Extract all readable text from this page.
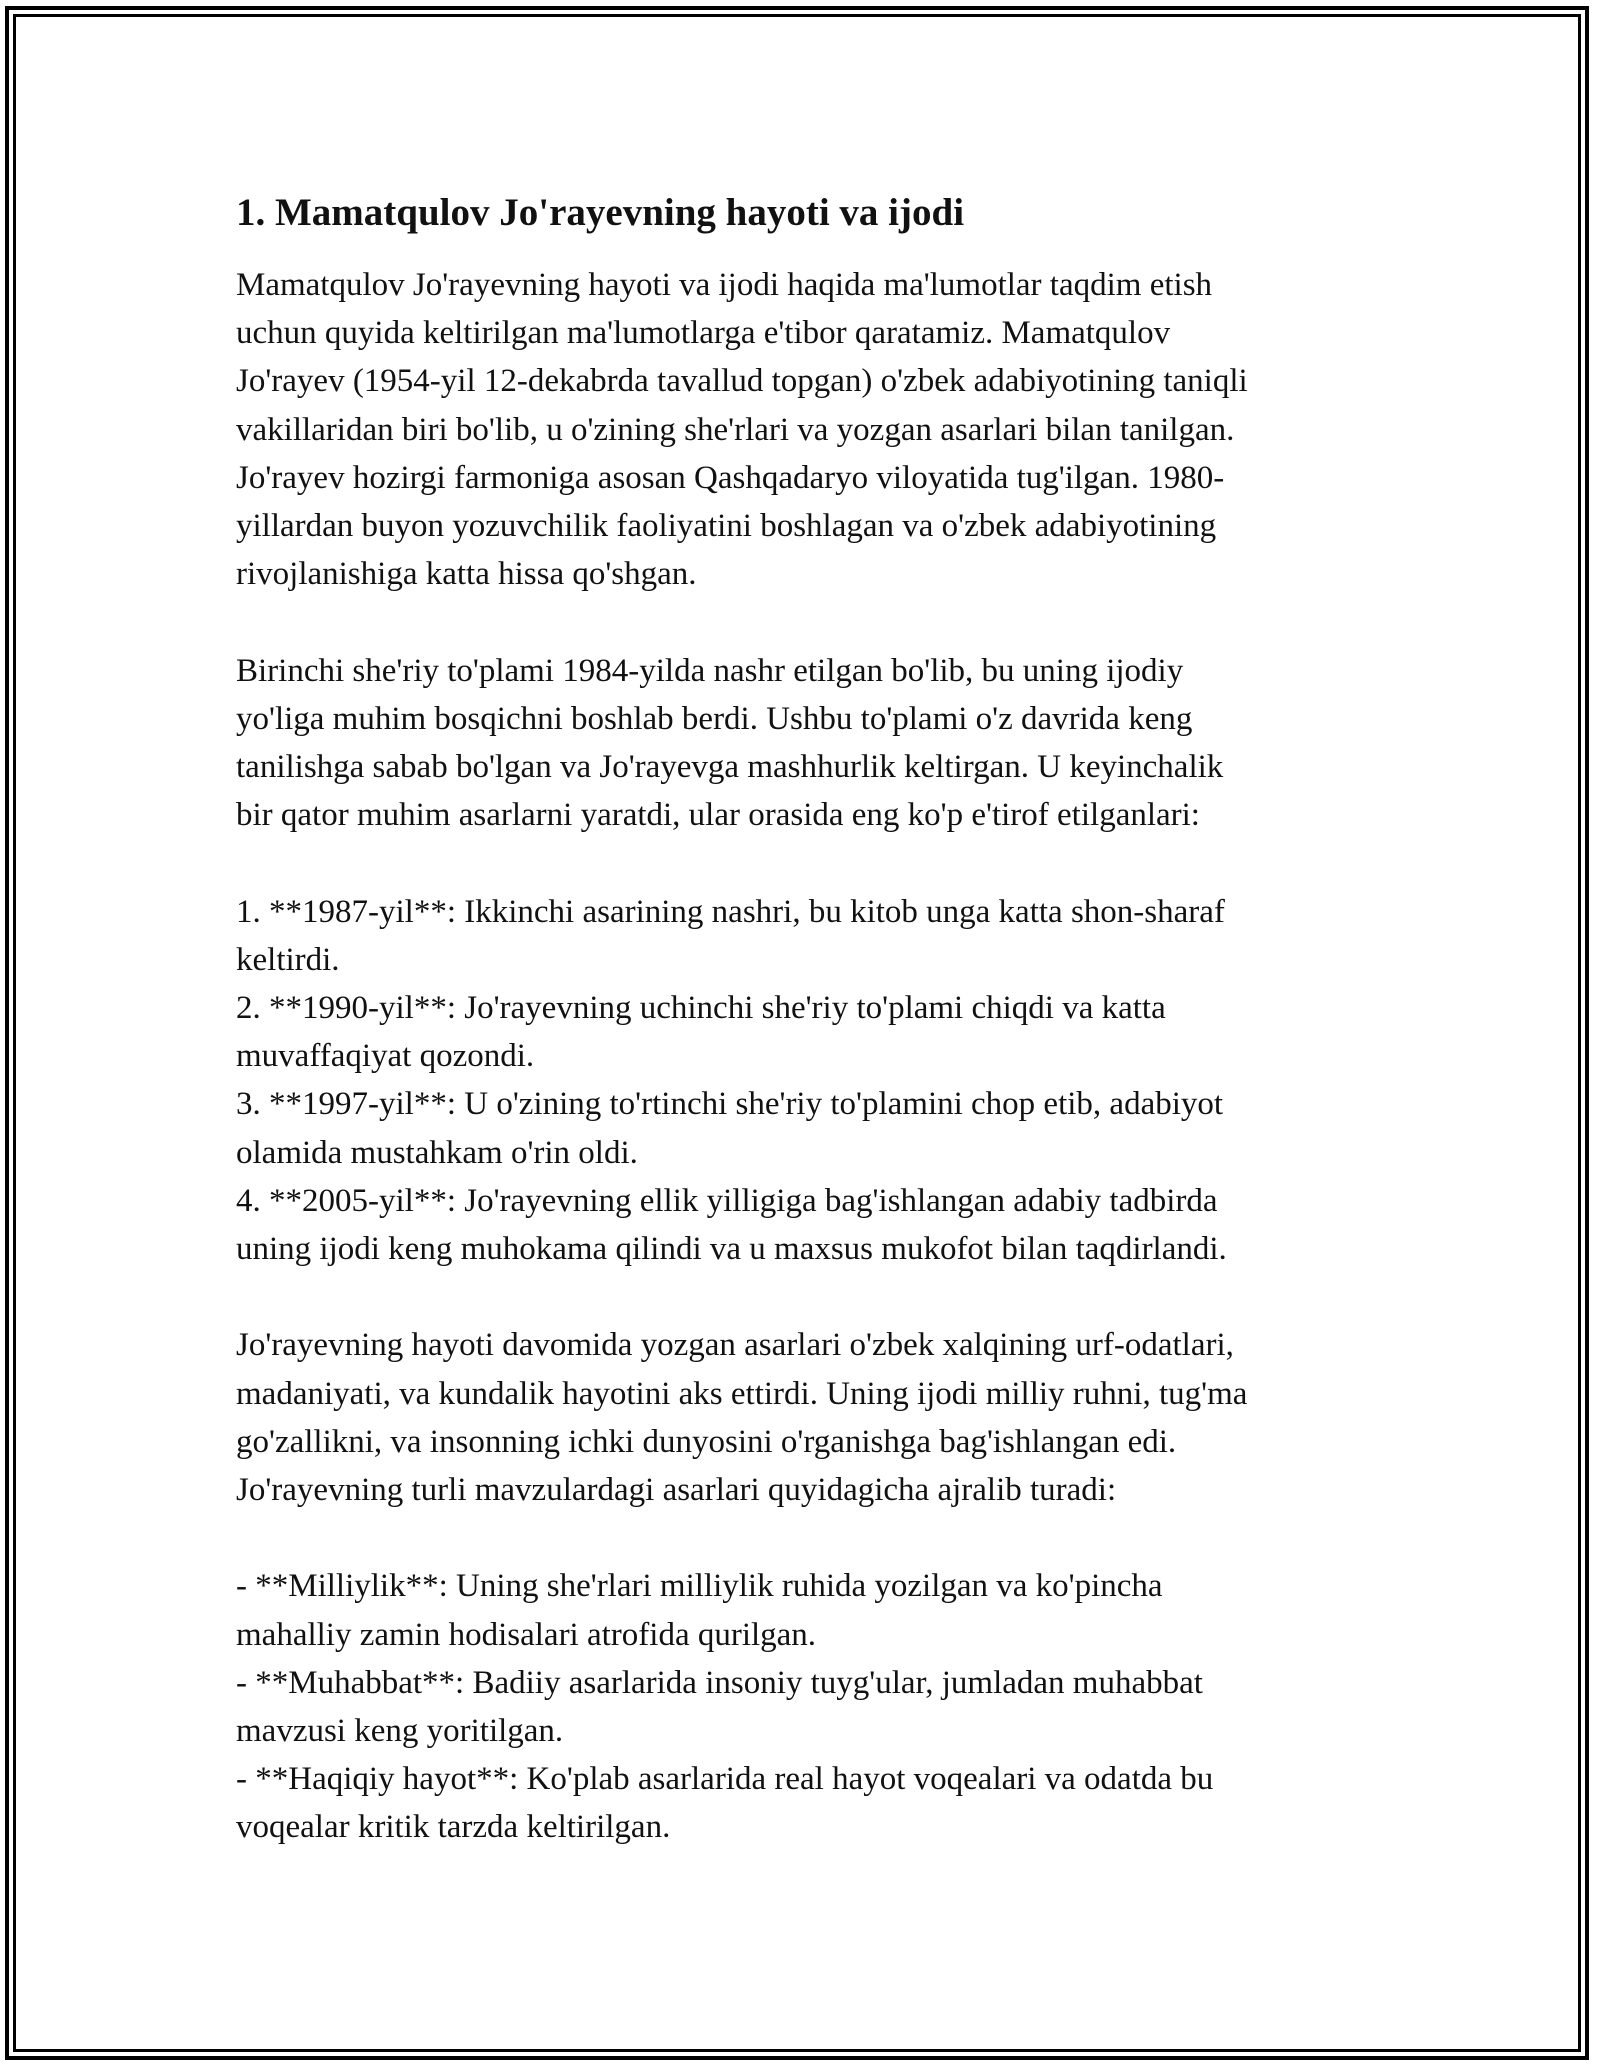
1. Mamatqulov Jo'rayevning hayoti va ijodi
Mamatqulov Jo'rayevning hayoti va ijodi haqida ma'lumotlar taqdim etish
uchun quyida keltirilgan ma'lumotlarga e'tibor qaratamiz. Mamatqulov
Jo'rayev (1954-yil 12-dekabrda tavallud topgan) o'zbek adabiyotining taniqli
vakillaridan biri bo'lib, u o'zining she'rlari va yozgan asarlari bilan tanilgan.
Jo'rayev hozirgi farmoniga asosan Qashqadaryo viloyatida tug'ilgan. 1980-
yillardan buyon yozuvchilik faoliyatini boshlagan va o'zbek adabiyotining
rivojlanishiga katta hissa qo'shgan.
Birinchi she'riy to'plami 1984-yilda nashr etilgan bo'lib, bu uning ijodiy
yo'liga muhim bosqichni boshlab berdi. Ushbu to'plami o'z davrida keng
tanilishga sabab bo'lgan va Jo'rayevga mashhurlik keltirgan. U keyinchalik
bir qator muhim asarlarni yaratdi, ular orasida eng ko'p e'tirof etilganlari:
1. **1987-yil**: Ikkinchi asarining nashri, bu kitob unga katta shon-sharaf
keltirdi.
2. **1990-yil**: Jo'rayevning uchinchi she'riy to'plami chiqdi va katta
muvaffaqiyat qozondi.
3. **1997-yil**: U o'zining to'rtinchi she'riy to'plamini chop etib, adabiyot
olamida mustahkam o'rin oldi.
4. **2005-yil**: Jo'rayevning ellik yilligiga bag'ishlangan adabiy tadbirda
uning ijodi keng muhokama qilindi va u maxsus mukofot bilan taqdirlandi.
Jo'rayevning hayoti davomida yozgan asarlari o'zbek xalqining urf-odatlari,
madaniyati, va kundalik hayotini aks ettirdi. Uning ijodi milliy ruhni, tug'ma
go'zallikni, va insonning ichki dunyosini o'rganishga bag'ishlangan edi.
Jo'rayevning turli mavzulardagi asarlari quyidagicha ajralib turadi:
- **Milliylik**: Uning she'rlari milliylik ruhida yozilgan va ko'pincha
mahalliy zamin hodisalari atrofida qurilgan.
- **Muhabbat**: Badiiy asarlarida insoniy tuyg'ular, jumladan muhabbat
mavzusi keng yoritilgan.
- **Haqiqiy hayot**: Ko'plab asarlarida real hayot voqealari va odatda bu
voqealar kritik tarzda keltirilgan.
